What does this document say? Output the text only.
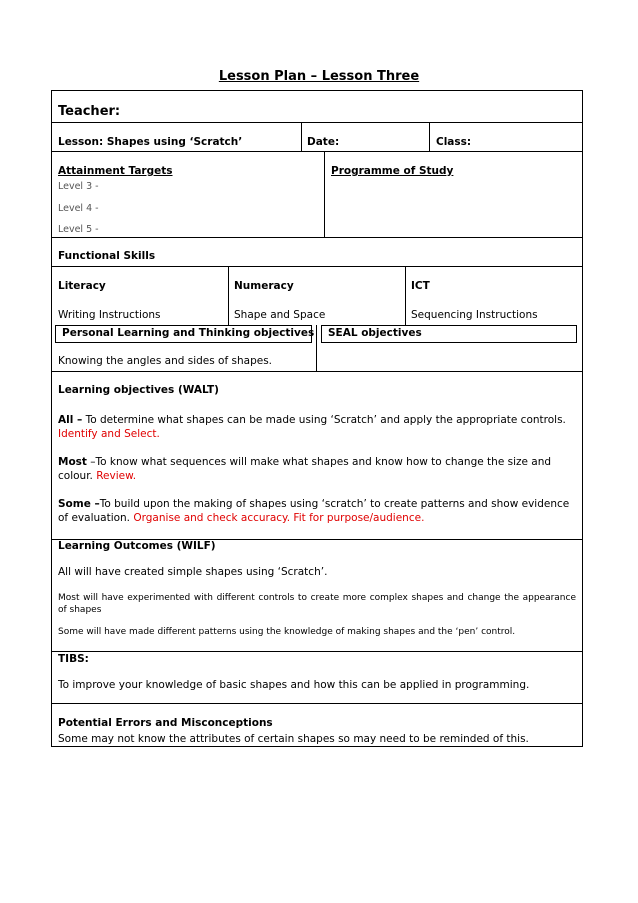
Lesson Plan – Lesson Three
Teacher:
Lesson: Shapes using ‘Scratch’	Date:	Class:
Attainment Targets
Level 3 -
Level 4 -
Level 5 -
Programme of Study
Functional Skills
Literacy
Writing Instructions
Numeracy
Shape and Space
ICT
Sequencing Instructions
Personal Learning and Thinking objectives
Knowing the angles and sides of shapes.
SEAL objectives
Learning objectives (WALT)
All – To determine what shapes can be made using ‘Scratch’ and apply the appropriate controls. Identify and Select.
Most –To know what sequences will make what shapes and know how to change the size and colour. Review.
Some –To build upon the making of shapes using ‘scratch’ to create patterns and show evidence of evaluation. Organise and check accuracy. Fit for purpose/audience.
Learning Outcomes (WILF)
All will have created simple shapes using ‘Scratch’.
Most will have experimented with different controls to create more complex shapes and change the appearance of shapes
Some will have made different patterns using the knowledge of making shapes and the ‘pen’ control.
TIBS:
To improve your knowledge of basic shapes and how this can be applied in programming.
Potential Errors and Misconceptions
Some may not know the attributes of certain shapes so may need to be reminded of this.
